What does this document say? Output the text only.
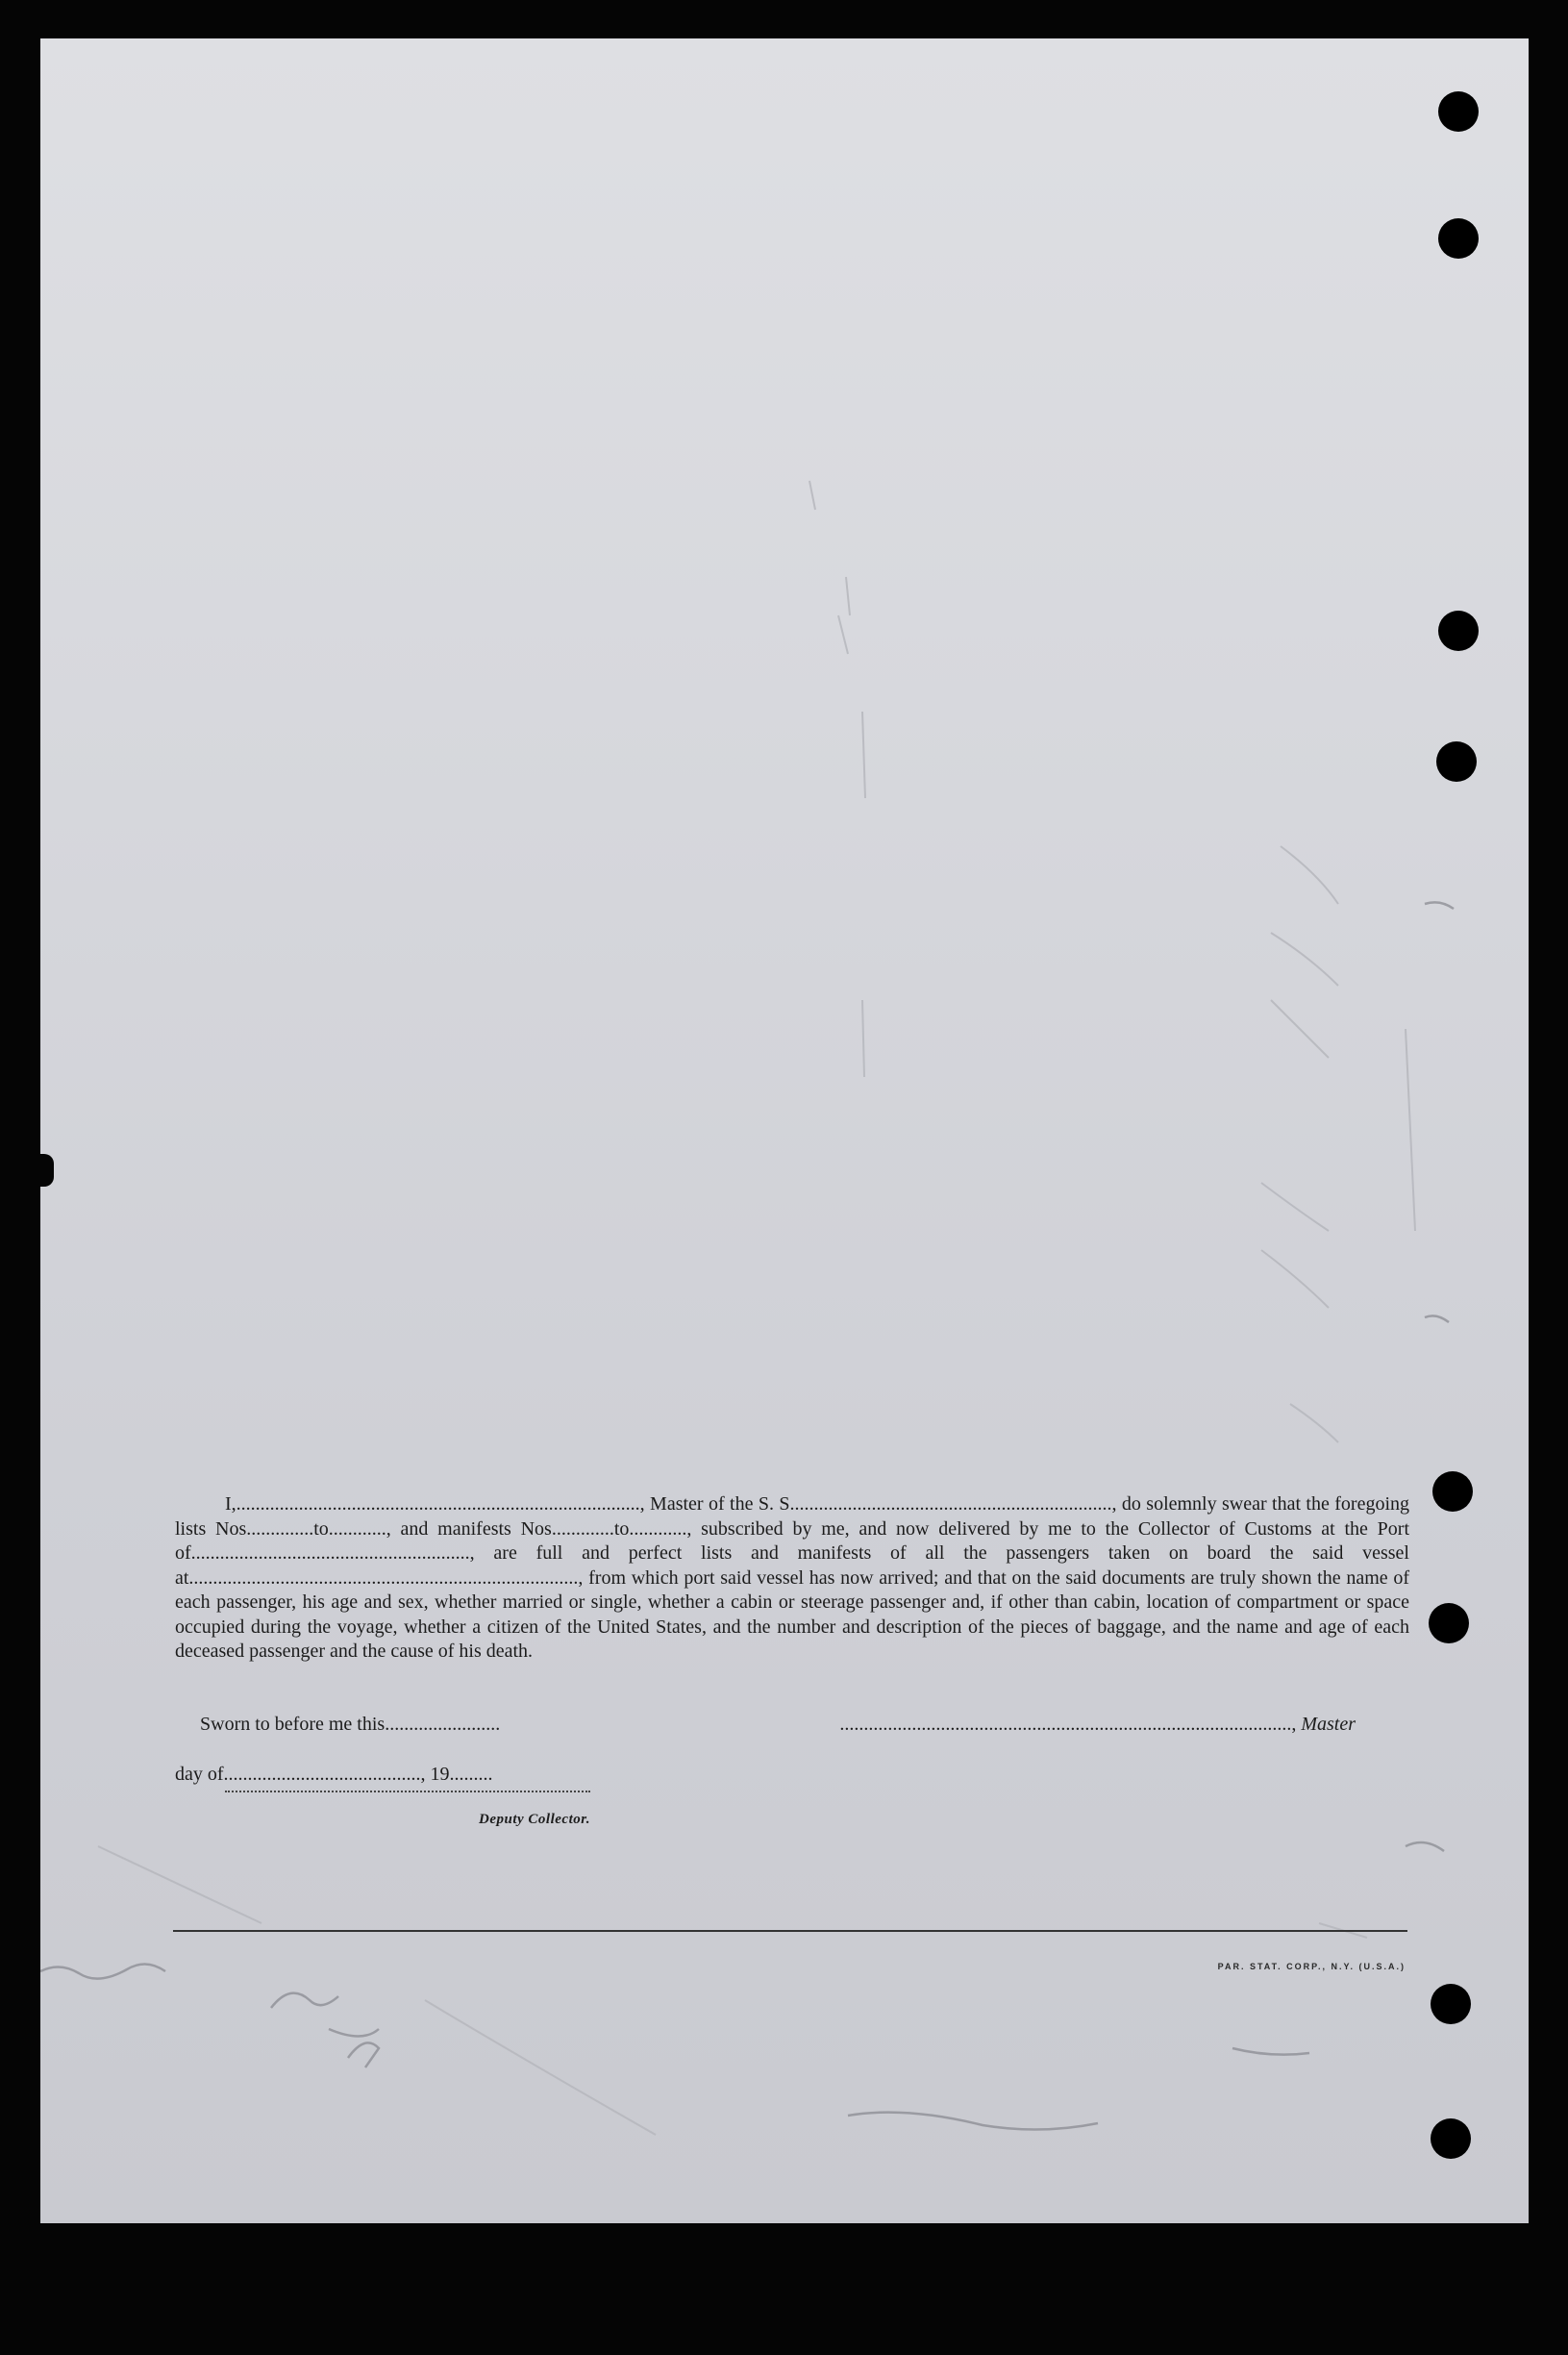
I,...................................................................................., Master of the S. S..................................................................., do solemnly swear that the foregoing lists Nos..............to............, and manifests Nos.............to............, subscribed by me, and now delivered by me to the Collector of Customs at the Port of.........................................................., are full and perfect lists and manifests of all the passengers taken on board the said vessel at................................................................................., from which port said vessel has now arrived; and that on the said documents are truly shown the name of each passenger, his age and sex, whether married or single, whether a cabin or steerage passenger and, if other than cabin, location of compartment or space occupied during the voyage, whether a citizen of the United States, and the number and description of the pieces of baggage, and the name and age of each deceased passenger and the cause of his death.
Sworn to before me this........................	.............................................................................................., Master
day of........................................., 19.........
Deputy Collector.
PAR. STAT. CORP., N.Y. (U.S.A.)
